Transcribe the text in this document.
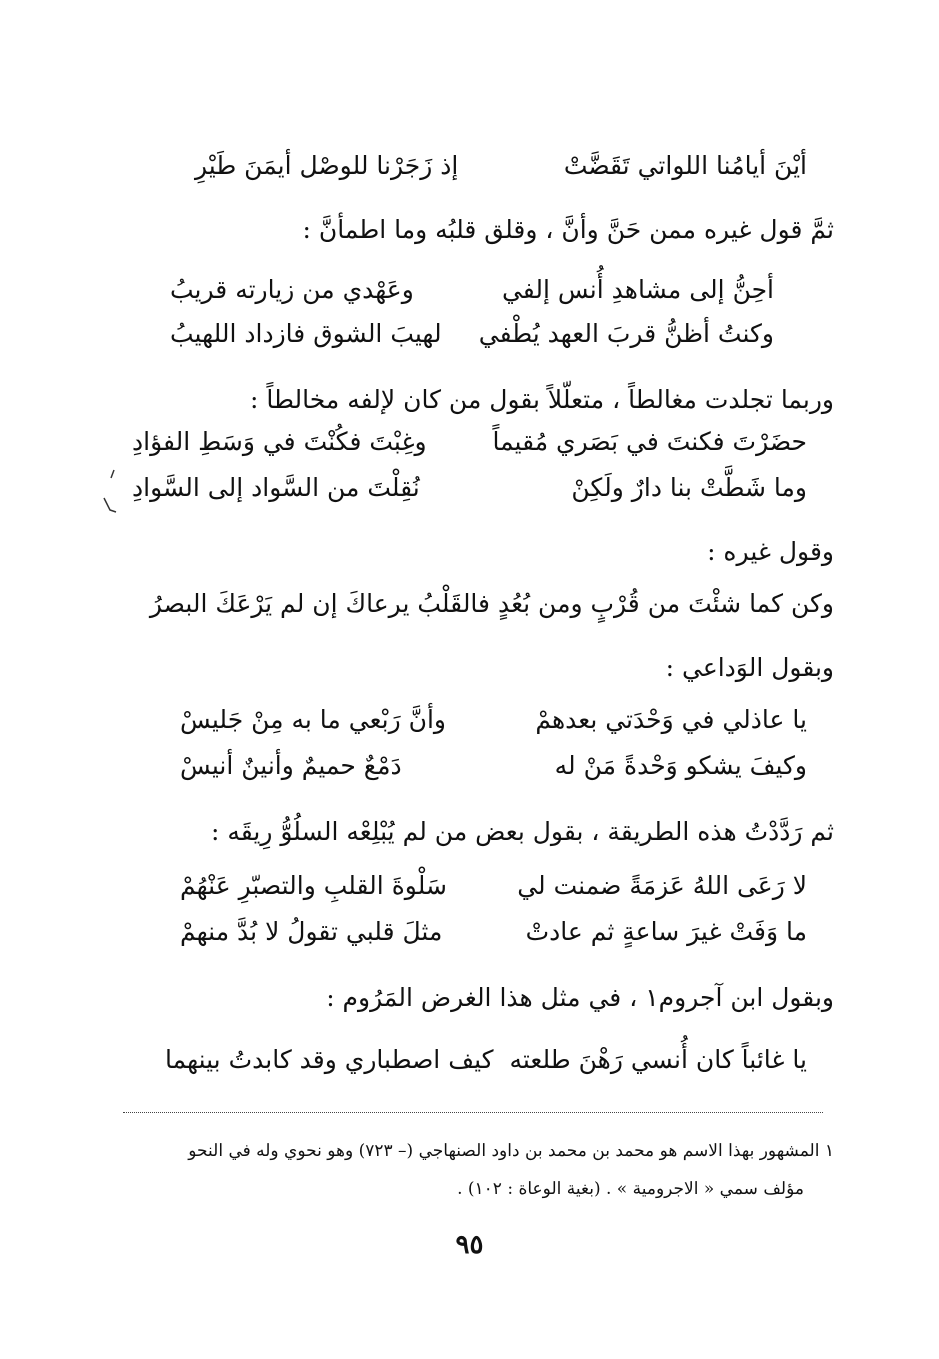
أيْنَ أيامُنا اللواتي تَقَضَّتْ
إذ زَجَرْنا للوصْل أيمَنَ طَيْرِ
ثمَّ قول غيره ممن حَنَّ وأنَّ ، وقلق قلبُه وما اطمأنَّ :
أحِنُّ إلى مشاهدِ أُنس إلفي
وعَهْدي من زيارته قريبُ
وكنتُ أظنُّ قربَ العهد يُطْفي
لهيبَ الشوق فازداد اللهيبُ
وربما تجلدت مغالطاً ، متعلّلاً بقول من كان لإلفه مخالطاً :
حضَرْتَ فكنتَ في بَصَري مُقيماً
وغِبْتَ فكُنْتَ في وَسَطِ الفؤادِ
وما شَطَّتْ بنا دارٌ ولَكِنْ
نُقِلْتَ من السَّواد إلى السَّوادِ
وقول غيره :
وكن كما شئْتَ من قُرْبٍ ومن بُعُدٍ فالقَلْبُ يرعاكَ إن لم يَرْعَكَ البصرُ
وبقول الوَداعي :
يا عاذلي في وَحْدَتي بعدهمْ
وأنَّ رَبْعي ما به مِنْ جَليسْ
وكيفَ يشكو وَحْدةً مَنْ له
دَمْعٌ حميمٌ وأنينٌ أنيسْ
ثم رَدَّدْتُ هذه الطريقة ، بقول بعض من لم يُبْلِعْه السلُوُّ رِيقَه :
لا رَعَى اللهُ عَزمَةً ضمنت لي
سَلْوةَ القلبِ والتصبّرِ عَنْهُمْ
ما وَفَتْ غيرَ ساعةٍ ثم عادتْ
مثلَ قلبي تقولُ لا بُدَّ منهمْ
وبقول ابن آجروم١ ، في مثل هذا الغرض المَرُوم :
يا غائباً كان أُنسي رَهْنَ طلعته
كيف اصطباري وقد كابدتُ بينهما
١ المشهور بهذا الاسم هو محمد بن محمد بن داود الصنهاجي (– ٧٢٣) وهو نحوي وله في النحو
مؤلف سمي « الاجرومية » . (بغية الوعاة : ١٠٢) .
٩٥
